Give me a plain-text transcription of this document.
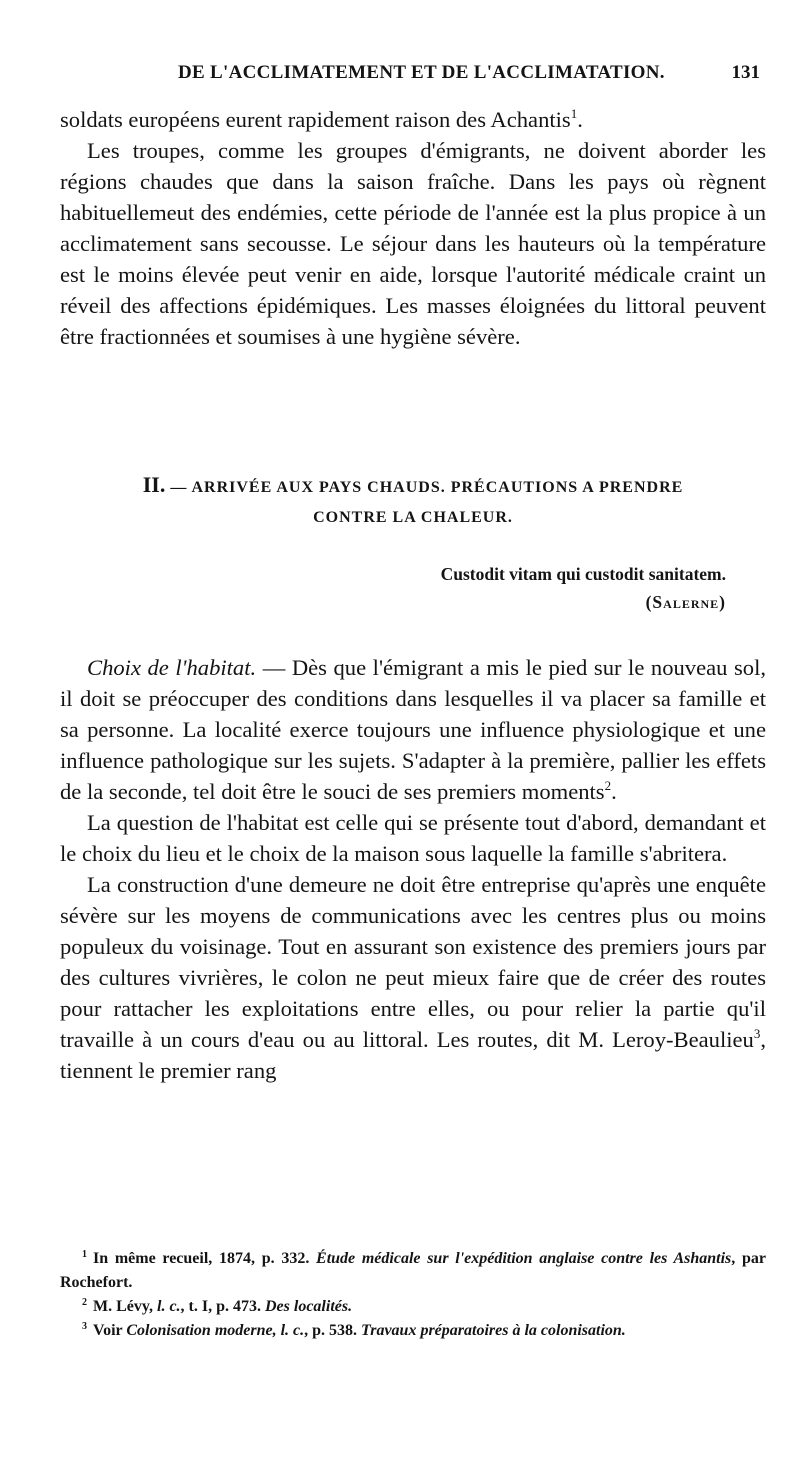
DE L'ACCLIMATEMENT ET DE L'ACCLIMATATION.	131

soldats européens eurent rapidement raison des Achantis$^1$.

Les troupes, comme les groupes d'émigrants, ne doivent aborder les régions chaudes que dans la saison fraîche. Dans les pays où règnent habituellemeut des endémies, cette période de l'année est la plus propice à un acclimatement sans secousse. Le séjour dans les hauteurs où la température est le moins élevée peut venir en aide, lorsque l'autorité médicale craint un réveil des affections épidémiques. Les masses éloignées du littoral peuvent être fractionnées et soumises à une hygiène sévère.

II. — ARRIVÉE AUX PAYS CHAUDS. PRÉCAUTIONS A PRENDRE
CONTRE LA CHALEUR.
Custodit vitam qui custodit sanitatem.
(Salerne)

Choix de l'habitat. — Dès que l'émigrant a mis le pied sur le nouveau sol, il doit se préoccuper des conditions dans lesquelles il va placer sa famille et sa personne. La localité exerce toujours une influence physiologique et une influence pathologique sur les sujets. S'adapter à la première, pallier les effets de la seconde, tel doit être le souci de ses premiers moments$^2$.

La question de l'habitat est celle qui se présente tout d'abord, demandant et le choix du lieu et le choix de la maison sous laquelle la famille s'abritera.

La construction d'une demeure ne doit être entreprise qu'après une enquête sévère sur les moyens de communications avec les centres plus ou moins populeux du voisinage. Tout en assurant son existence des premiers jours par des cultures vivrières, le colon ne peut mieux faire que de créer des routes pour rattacher les exploitations entre elles, ou pour relier la partie qu'il travaille à un cours d'eau ou au littoral. Les routes, dit M. Leroy-Beaulieu$^3$, tiennent le premier rang

$^1$ In même recueil, 1874, p. 332. Étude médicale sur l'expédition anglaise contre les Ashantis, par Rochefort.

$^2$ M. Lévy, l. c., t. I, p. 473. Des localités.

$^3$ Voir Colonisation moderne, l. c., p. 538. Travaux préparatoires à la colonisation.
